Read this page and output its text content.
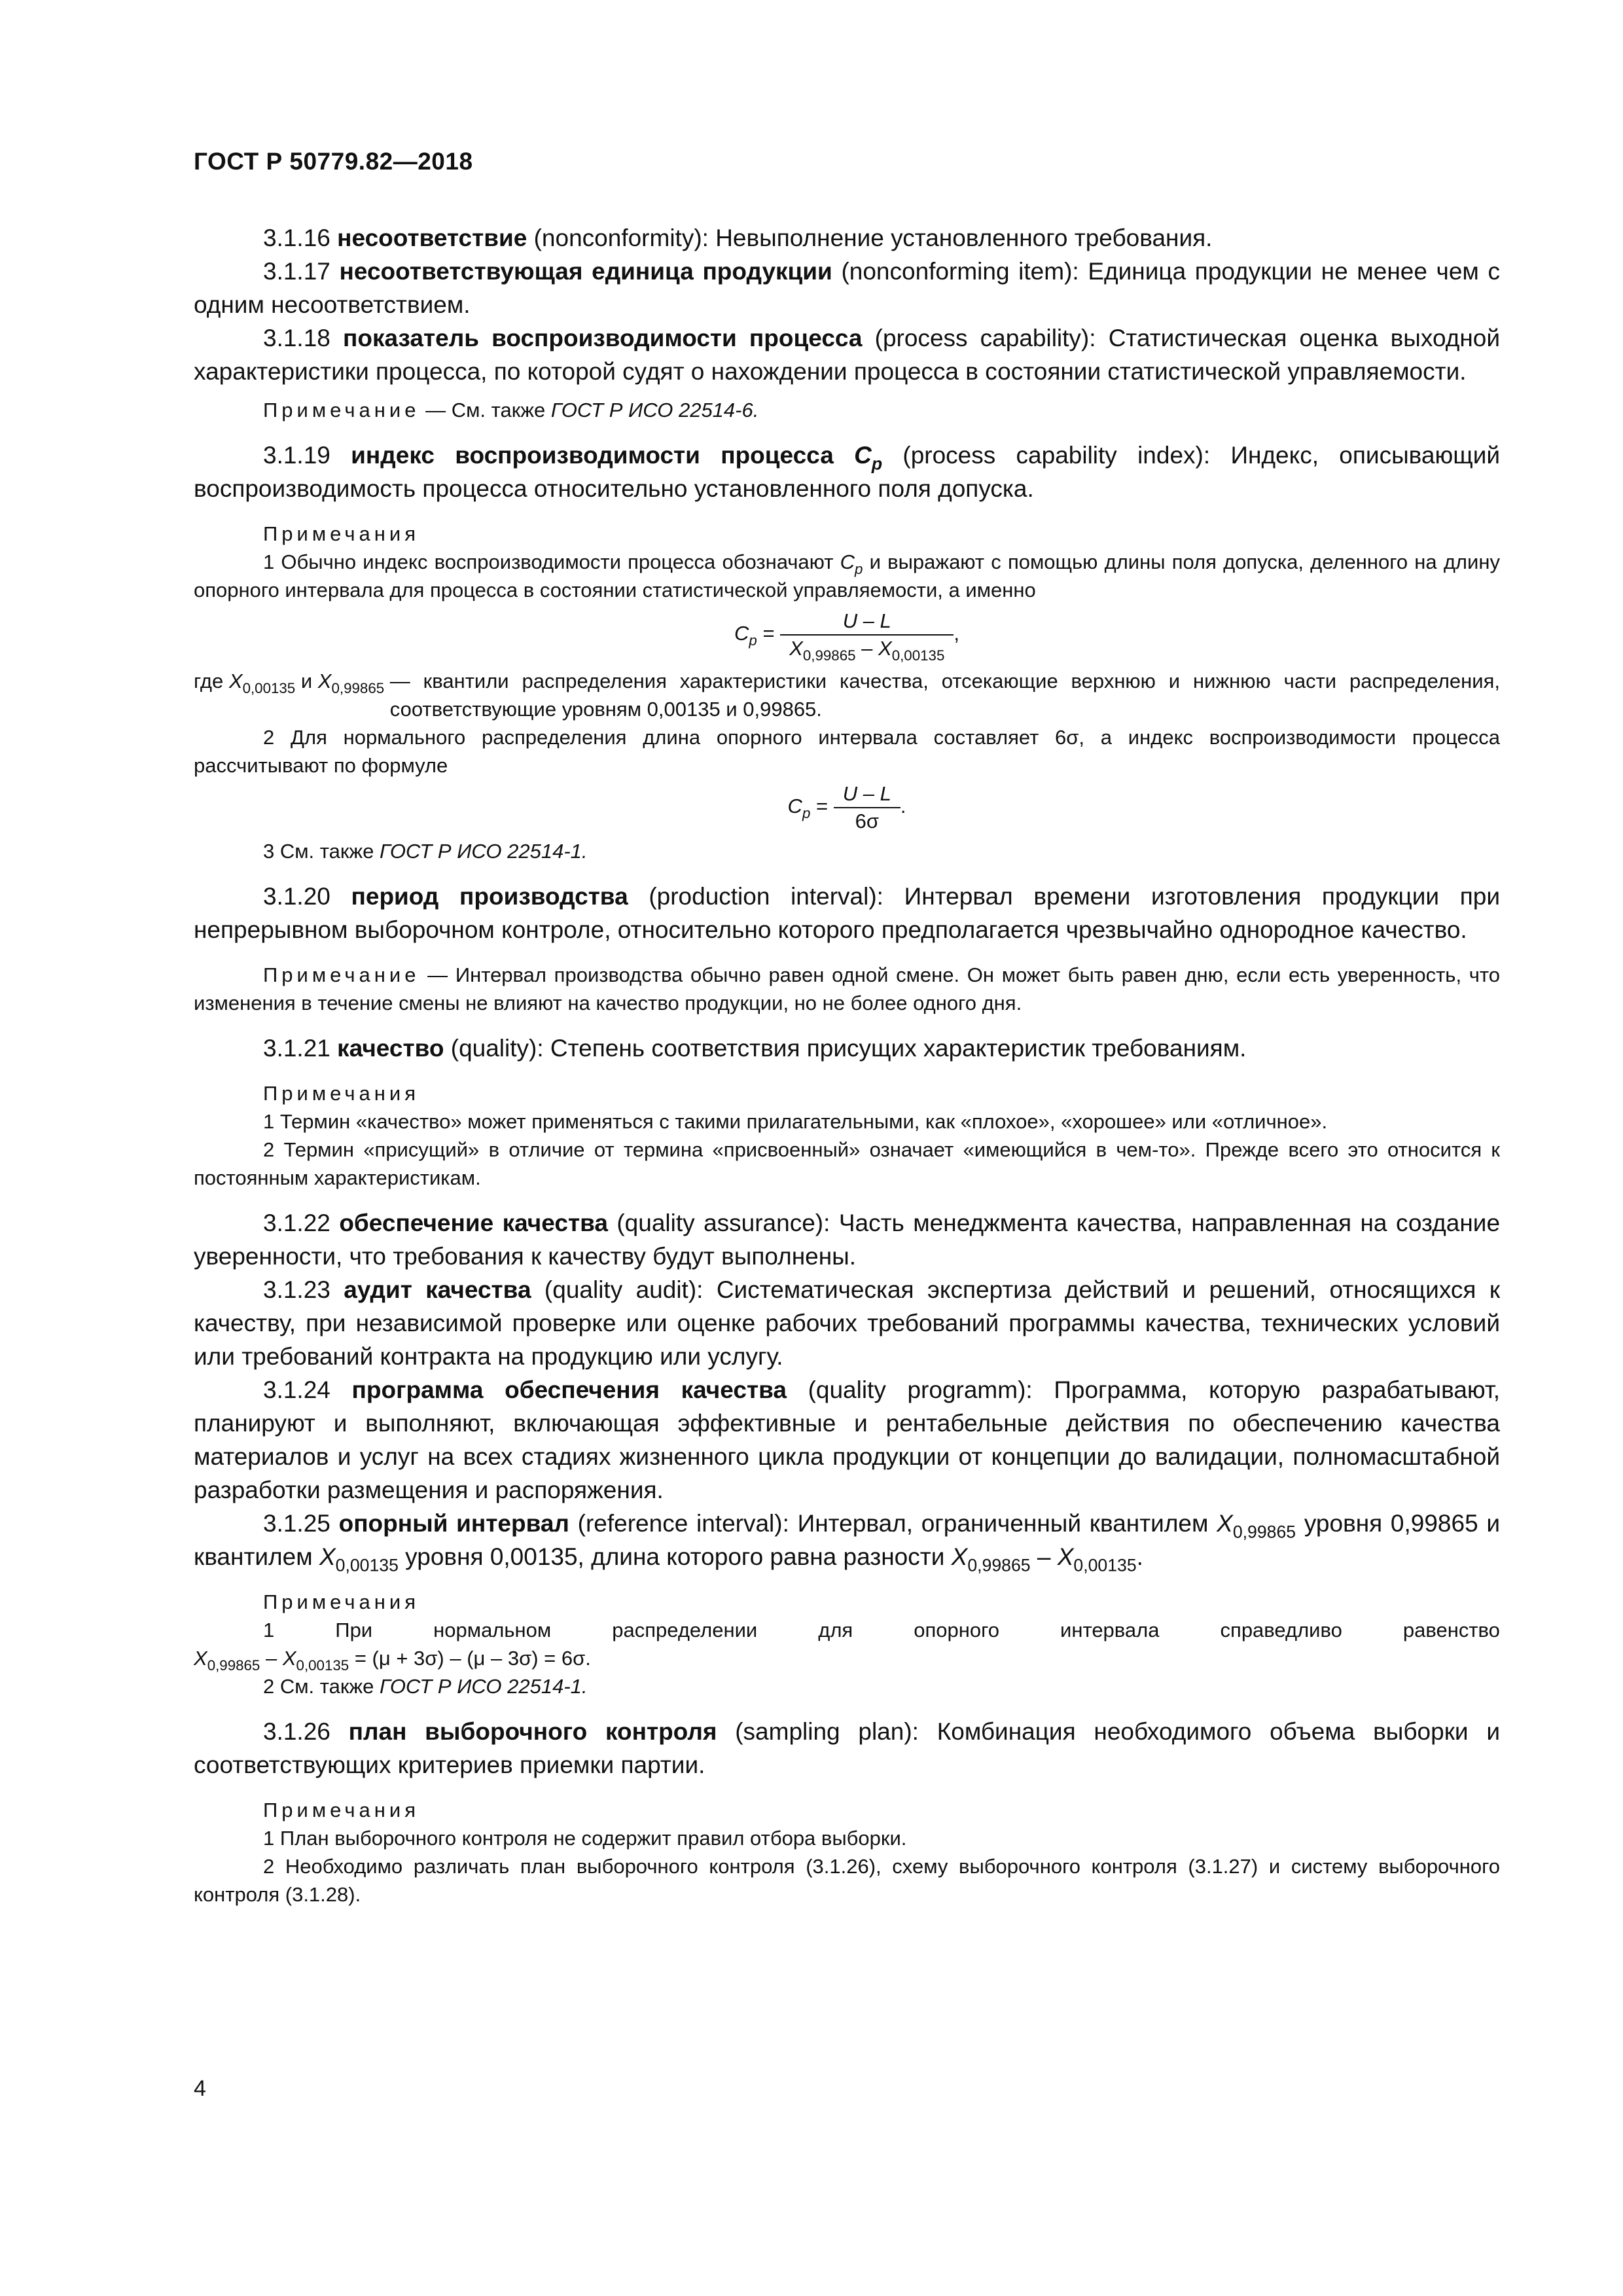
ГОСТ Р 50779.82—2018

3.1.16 несоответствие (nonconformity): Невыполнение установленного требования.

3.1.17 несоответствующая единица продукции (nonconforming item): Единица продукции не менее чем с одним несоответствием.

3.1.18 показатель воспроизводимости процесса (process capability): Статистическая оценка выходной характеристики процесса, по которой судят о нахождении процесса в состоянии статистической управляемости.

Примечание — См. также ГОСТ Р ИСО 22514-6.

3.1.19 индекс воспроизводимости процесса $C_p$ (process capability index): Индекс, описывающий воспроизводимость процесса относительно установленного поля допуска.

Примечания

1 Обычно индекс воспроизводимости процесса обозначают $C_p$ и выражают с помощью длины поля допуска, деленного на длину опорного интервала для процесса в состоянии статистической управляемости, а именно

$C_p = \frac{U - L}{X_{0,99865} - X_{0,00135}}$ ,
где $X_{0,00135}$ и $X_{0,99865}$ — квантили распределения характеристики качества, отсекающие верхнюю и нижнюю части распределения, соответствующие уровням 0,00135 и 0,99865.

2 Для нормального распределения длина опорного интервала составляет 6σ, а индекс воспроизводимости процесса рассчитывают по формуле

$C_p = \frac{U - L}{6\sigma}$ .

3 См. также ГОСТ Р ИСО 22514-1.

3.1.20 период производства (production interval): Интервал времени изготовления продукции при непрерывном выборочном контроле, относительно которого предполагается чрезвычайно однородное качество.

Примечание — Интервал производства обычно равен одной смене. Он может быть равен дню, если есть уверенность, что изменения в течение смены не влияют на качество продукции, но не более одного дня.

3.1.21 качество (quality): Степень соответствия присущих характеристик требованиям.

Примечания

1 Термин «качество» может применяться с такими прилагательными, как «плохое», «хорошее» или «отличное».

2 Термин «присущий» в отличие от термина «присвоенный» означает «имеющийся в чем-то». Прежде всего это относится к постоянным характеристикам.

3.1.22 обеспечение качества (quality assurance): Часть менеджмента качества, направленная на создание уверенности, что требования к качеству будут выполнены.

3.1.23 аудит качества (quality audit): Систематическая экспертиза действий и решений, относящихся к качеству, при независимой проверке или оценке рабочих требований программы качества, технических условий или требований контракта на продукцию или услугу.

3.1.24 программа обеспечения качества (quality programm): Программа, которую разрабатывают, планируют и выполняют, включающая эффективные и рентабельные действия по обеспечению качества материалов и услуг на всех стадиях жизненного цикла продукции от концепции до валидации, полномасштабной разработки размещения и распоряжения.

3.1.25 опорный интервал (reference interval): Интервал, ограниченный квантилем $X_{0,99865}$ уровня 0,99865 и квантилем $X_{0,00135}$ уровня 0,00135, длина которого равна разности $X_{0,99865} - X_{0,00135}$.

Примечания

1	При	нормальном	распределении	для	опорного	интервала	справедливо	равенство
$X_{0,99865} - X_{0,00135} = (\mu + 3\sigma) - (\mu - 3\sigma) = 6\sigma$.

2 См. также ГОСТ Р ИСО 22514-1.

3.1.26 план выборочного контроля (sampling plan): Комбинация необходимого объема выборки и соответствующих критериев приемки партии.

Примечания

1 План выборочного контроля не содержит правил отбора выборки.

2 Необходимо различать план выборочного контроля (3.1.26), схему выборочного контроля (3.1.27) и систему выборочного контроля (3.1.28).

4
